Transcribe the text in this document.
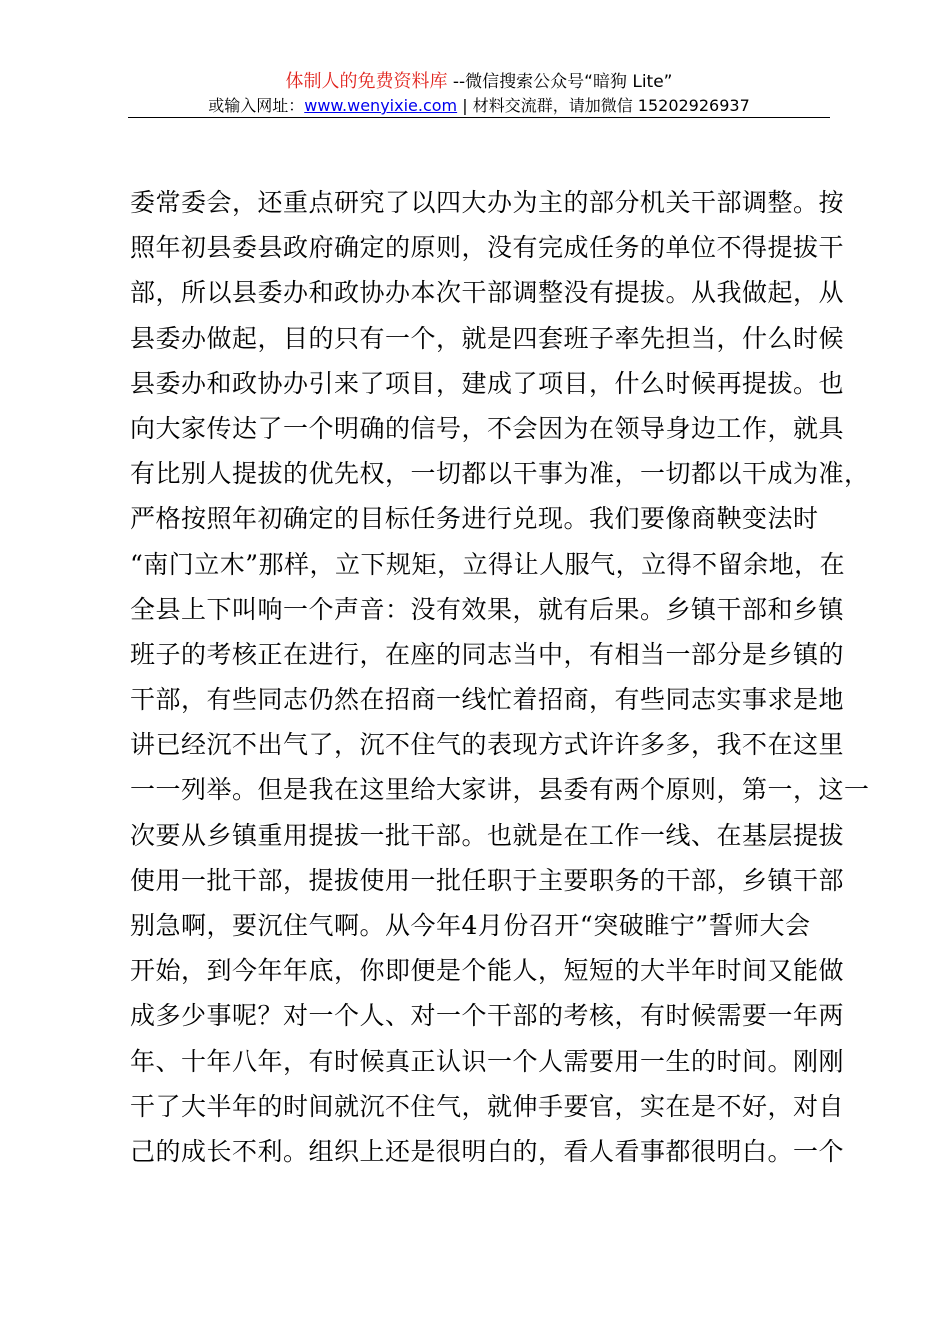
体制人的免费资料库 --微信搜索公众号“暗狗 Lite”
或输入网址：www.wenyixie.com | 材料交流群，请加微信 15202926937
委常委会，还重点研究了以四大办为主的部分机关干部调整。按
照年初县委县政府确定的原则，没有完成任务的单位不得提拔干
部，所以县委办和政协办本次干部调整没有提拔。从我做起，从
县委办做起，目的只有一个，就是四套班子率先担当，什么时候
县委办和政协办引来了项目，建成了项目，什么时候再提拔。也
向大家传达了一个明确的信号，不会因为在领导身边工作，就具
有比别人提拔的优先权，一切都以干事为准，一切都以干成为准，
严格按照年初确定的目标任务进行兑现。我们要像商鞅变法时
“南门立木”那样，立下规矩，立得让人服气，立得不留余地，在
全县上下叫响一个声音：没有效果，就有后果。乡镇干部和乡镇
班子的考核正在进行，在座的同志当中，有相当一部分是乡镇的
干部，有些同志仍然在招商一线忙着招商，有些同志实事求是地
讲已经沉不出气了，沉不住气的表现方式许许多多，我不在这里
一一列举。但是我在这里给大家讲，县委有两个原则，第一，这一
次要从乡镇重用提拔一批干部。也就是在工作一线、在基层提拔
使用一批干部，提拔使用一批任职于主要职务的干部，乡镇干部
别急啊，要沉住气啊。从今年4月份召开“突破睢宁”誓师大会
开始，到今年年底，你即便是个能人，短短的大半年时间又能做
成多少事呢？对一个人、对一个干部的考核，有时候需要一年两
年、十年八年，有时候真正认识一个人需要用一生的时间。刚刚
干了大半年的时间就沉不住气，就伸手要官，实在是不好，对自
己的成长不利。组织上还是很明白的，看人看事都很明白。一个
